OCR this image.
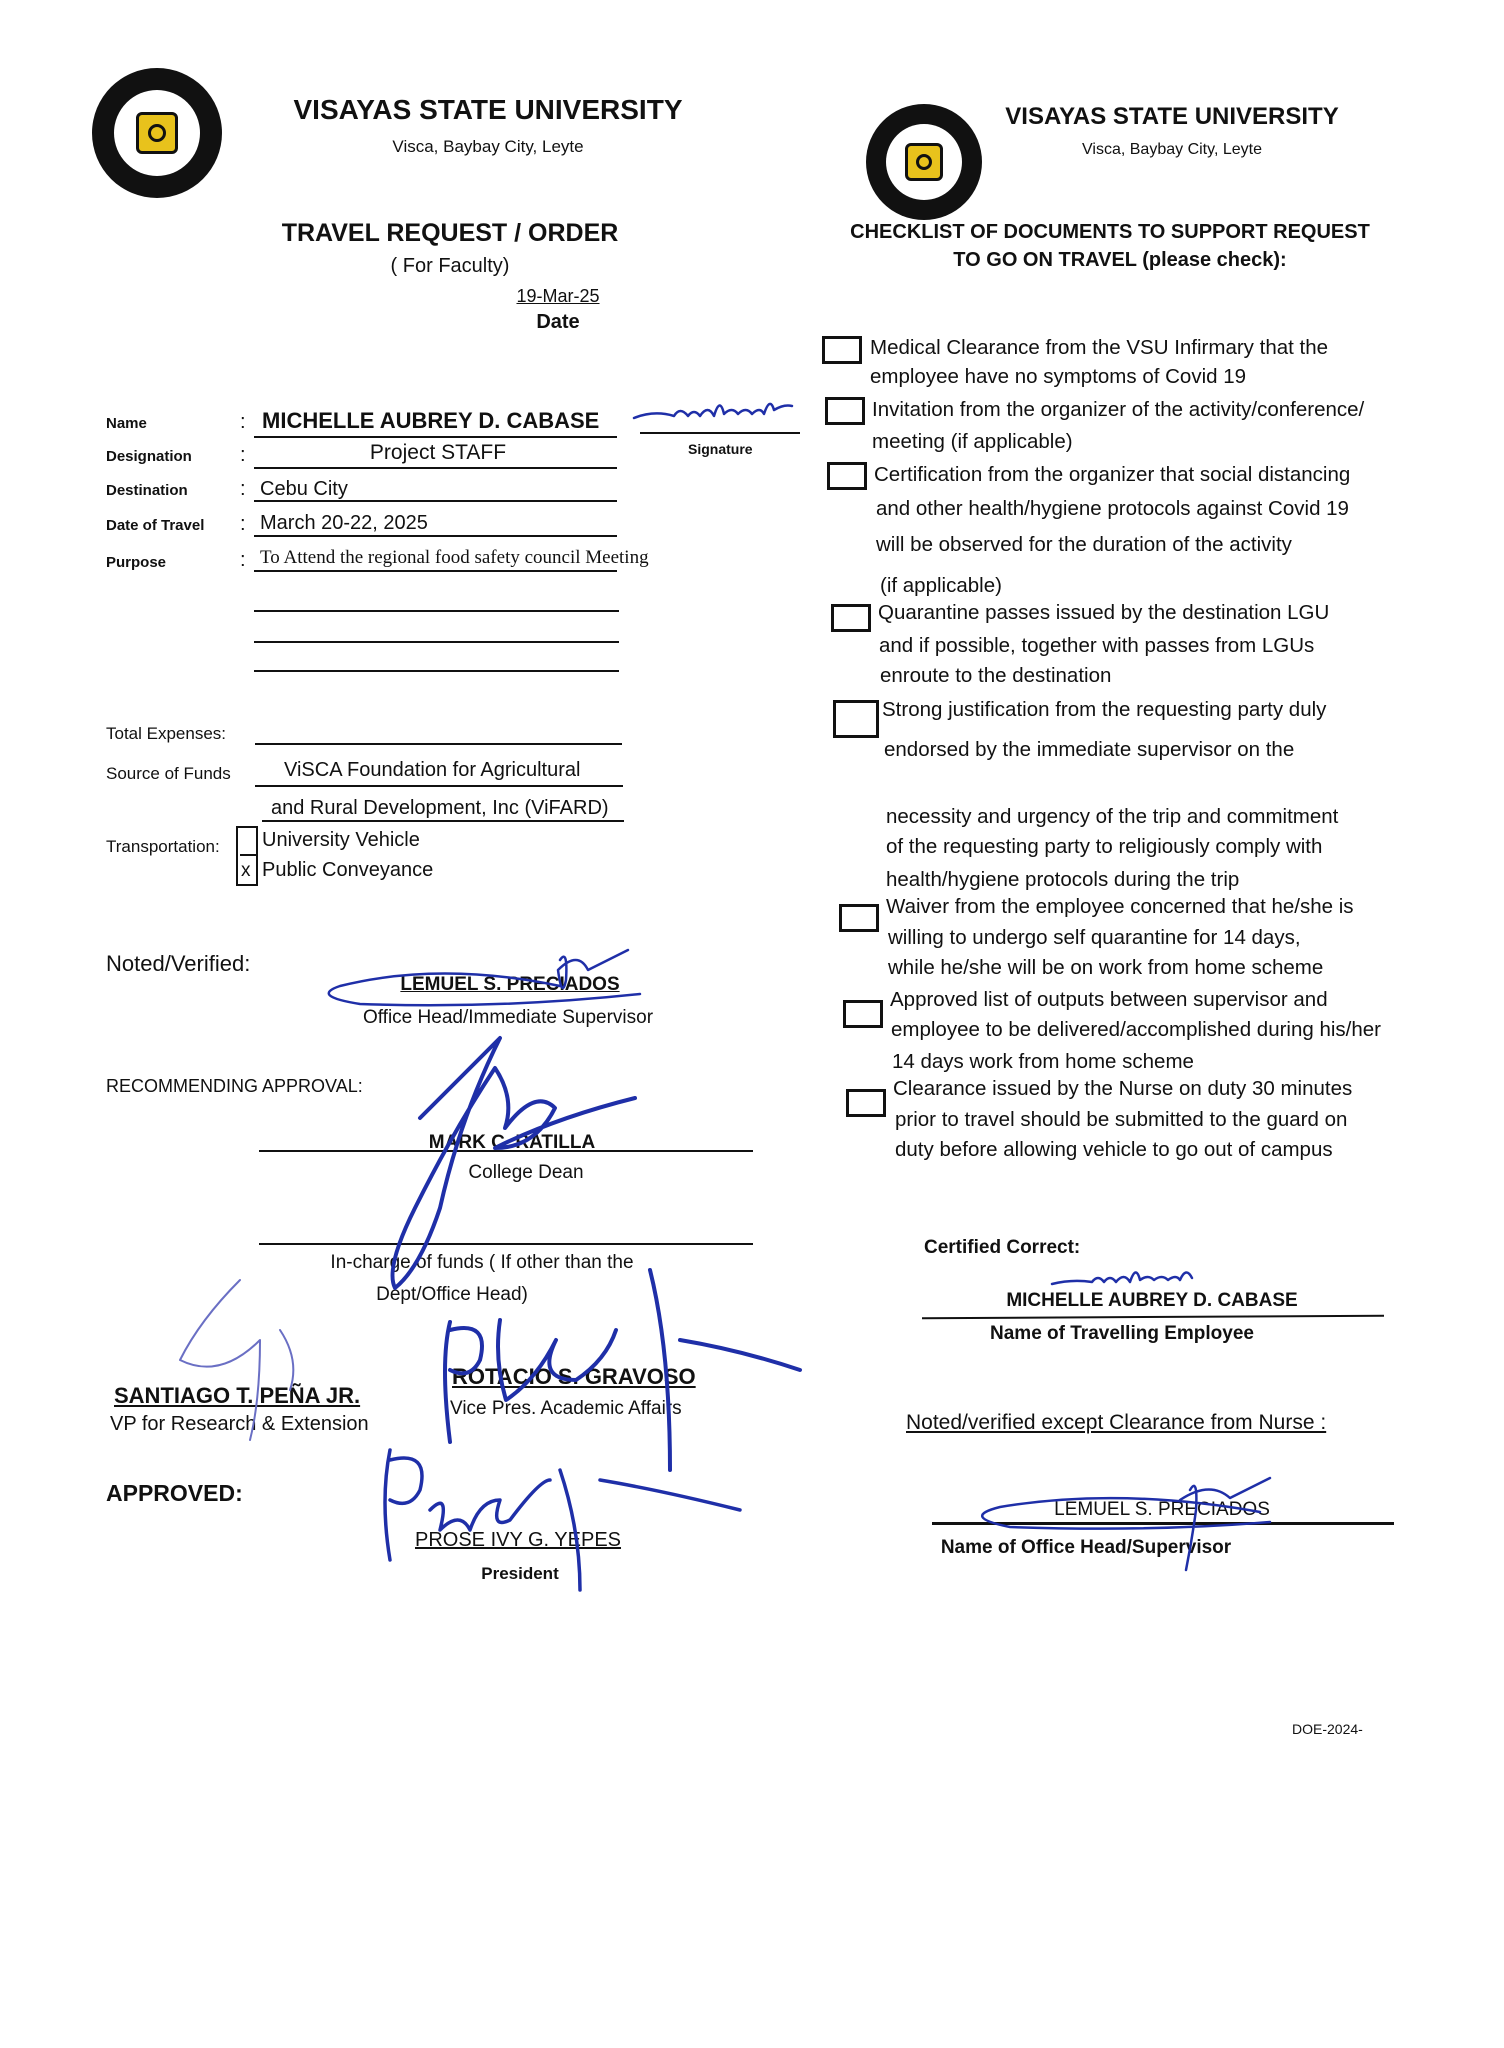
VISAYAS STATE UNIVERSITY
Visca, Baybay City, Leyte
TRAVEL REQUEST / ORDER
( For Faculty)
19-Mar-25
Date
Name	: MICHELLE AUBREY D. CABASE
Signature
Designation :	Project STAFF
Destination	: Cebu City
Date of Travel : March 20-22, 2025
Purpose	: To Attend the regional food safety council Meeting
Total Expenses:
Source of Funds	ViSCA Foundation for Agricultural
and Rural Development, Inc (ViFARD)
Transportation: University Vehicle
x Public Conveyance
Noted/Verified:
LEMUEL S. PRECIADOS
Office Head/Immediate Supervisor
RECOMMENDING APPROVAL:
MARK C. RATILLA
College Dean
In-charge of funds ( If other than the
Dept/Office Head)
SANTIAGO T. PEÑA JR.
VP for Research & Extension
ROTACIO S. GRAVOSO
Vice Pres. Academic Affairs
APPROVED:
PROSE IVY G. YEPES
President
VISAYAS STATE UNIVERSITY
Visca, Baybay City, Leyte
CHECKLIST OF DOCUMENTS TO SUPPORT REQUEST
TO GO ON TRAVEL (please check):
Medical Clearance from the VSU Infirmary that the
employee have no symptoms of Covid 19
Invitation from the organizer of the activity/conference/
meeting (if applicable)
Certification from the organizer that social distancing
and other health/hygiene protocols against Covid 19
will be observed for the duration of the activity
(if applicable)
Quarantine passes issued by the destination LGU
and if possible, together with passes from LGUs
enroute to the destination
Strong justification from the requesting party duly
endorsed by the immediate supervisor on the
necessity and urgency of the trip and commitment
of the requesting party to religiously comply with
health/hygiene protocols during the trip
Waiver from the employee concerned that he/she is
willing to undergo self quarantine for 14 days,
while he/she will be on work from home scheme
Approved list of outputs between supervisor and
employee to be delivered/accomplished during his/her
14 days work from home scheme
Clearance issued by the Nurse on duty 30 minutes
prior to travel should be submitted to the guard on
duty before allowing vehicle to go out of campus
Certified Correct:
MICHELLE AUBREY D. CABASE
Name of Travelling Employee
Noted/verified except Clearance from Nurse :
LEMUEL S. PRECIADOS
Name of Office Head/Supervisor
DOE-2024-
